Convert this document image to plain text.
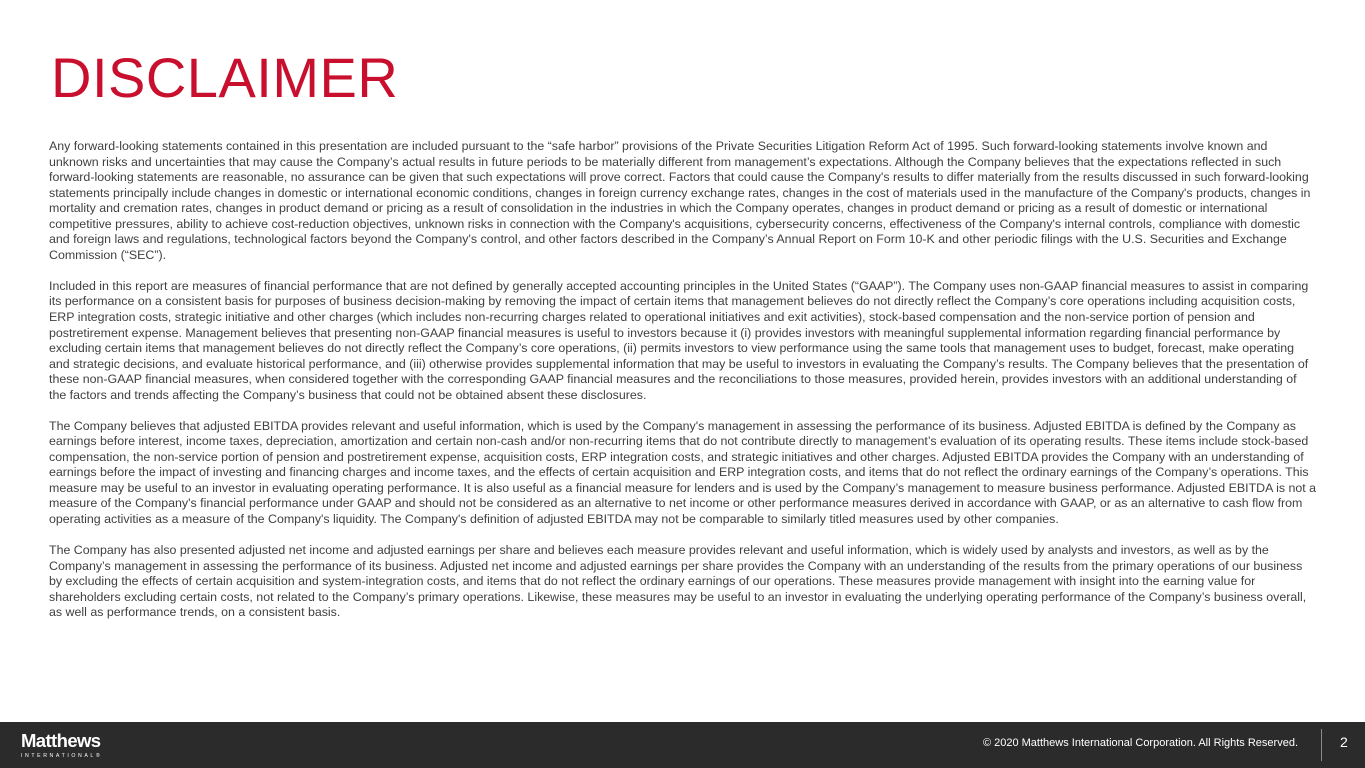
DISCLAIMER

Any forward-looking statements contained in this presentation are included pursuant to the “safe harbor” provisions of the Private Securities Litigation Reform Act of 1995. Such forward-looking statements involve known and unknown risks and uncertainties that may cause the Company’s actual results in future periods to be materially different from management’s expectations. Although the Company believes that the expectations reflected in such forward-looking statements are reasonable, no assurance can be given that such expectations will prove correct. Factors that could cause the Company's results to differ materially from the results discussed in such forward-looking statements principally include changes in domestic or international economic conditions, changes in foreign currency exchange rates, changes in the cost of materials used in the manufacture of the Company's products, changes in mortality and cremation rates, changes in product demand or pricing as a result of consolidation in the industries in which the Company operates, changes in product demand or pricing as a result of domestic or international competitive pressures, ability to achieve cost-reduction objectives, unknown risks in connection with the Company's acquisitions, cybersecurity concerns, effectiveness of the Company's internal controls, compliance with domestic and foreign laws and regulations, technological factors beyond the Company's control, and other factors described in the Company’s Annual Report on Form 10-K and other periodic filings with the U.S. Securities and Exchange Commission (“SEC”).

Included in this report are measures of financial performance that are not defined by generally accepted accounting principles in the United States (“GAAP”). The Company uses non-GAAP financial measures to assist in comparing its performance on a consistent basis for purposes of business decision-making by removing the impact of certain items that management believes do not directly reflect the Company’s core operations including acquisition costs, ERP integration costs, strategic initiative and other charges (which includes non-recurring charges related to operational initiatives and exit activities), stock-based compensation and the non-service portion of pension and postretirement expense. Management believes that presenting non-GAAP financial measures is useful to investors because it (i) provides investors with meaningful supplemental information regarding financial performance by excluding certain items that management believes do not directly reflect the Company’s core operations, (ii) permits investors to view performance using the same tools that management uses to budget, forecast, make operating and strategic decisions, and evaluate historical performance, and (iii) otherwise provides supplemental information that may be useful to investors in evaluating the Company’s results. The Company believes that the presentation of these non-GAAP financial measures, when considered together with the corresponding GAAP financial measures and the reconciliations to those measures, provided herein, provides investors with an additional understanding of the factors and trends affecting the Company’s business that could not be obtained absent these disclosures.

The Company believes that adjusted EBITDA provides relevant and useful information, which is used by the Company's management in assessing the performance of its business. Adjusted EBITDA is defined by the Company as earnings before interest, income taxes, depreciation, amortization and certain non-cash and/or non-recurring items that do not contribute directly to management’s evaluation of its operating results. These items include stock-based compensation, the non-service portion of pension and postretirement expense, acquisition costs, ERP integration costs, and strategic initiatives and other charges. Adjusted EBITDA provides the Company with an understanding of earnings before the impact of investing and financing charges and income taxes, and the effects of certain acquisition and ERP integration costs, and items that do not reflect the ordinary earnings of the Company’s operations. This measure may be useful to an investor in evaluating operating performance. It is also useful as a financial measure for lenders and is used by the Company’s management to measure business performance. Adjusted EBITDA is not a measure of the Company's financial performance under GAAP and should not be considered as an alternative to net income or other performance measures derived in accordance with GAAP, or as an alternative to cash flow from operating activities as a measure of the Company's liquidity. The Company's definition of adjusted EBITDA may not be comparable to similarly titled measures used by other companies.

The Company has also presented adjusted net income and adjusted earnings per share and believes each measure provides relevant and useful information, which is widely used by analysts and investors, as well as by the Company’s management in assessing the performance of its business. Adjusted net income and adjusted earnings per share provides the Company with an understanding of the results from the primary operations of our business by excluding the effects of certain acquisition and system-integration costs, and items that do not reflect the ordinary earnings of our operations. These measures provide management with insight into the earning value for shareholders excluding certain costs, not related to the Company’s primary operations. Likewise, these measures may be useful to an investor in evaluating the underlying operating performance of the Company’s business overall, as well as performance trends, on a consistent basis.

Matthews
INTERNATIONAL®
© 2020 Matthews International Corporation. All Rights Reserved.	2
